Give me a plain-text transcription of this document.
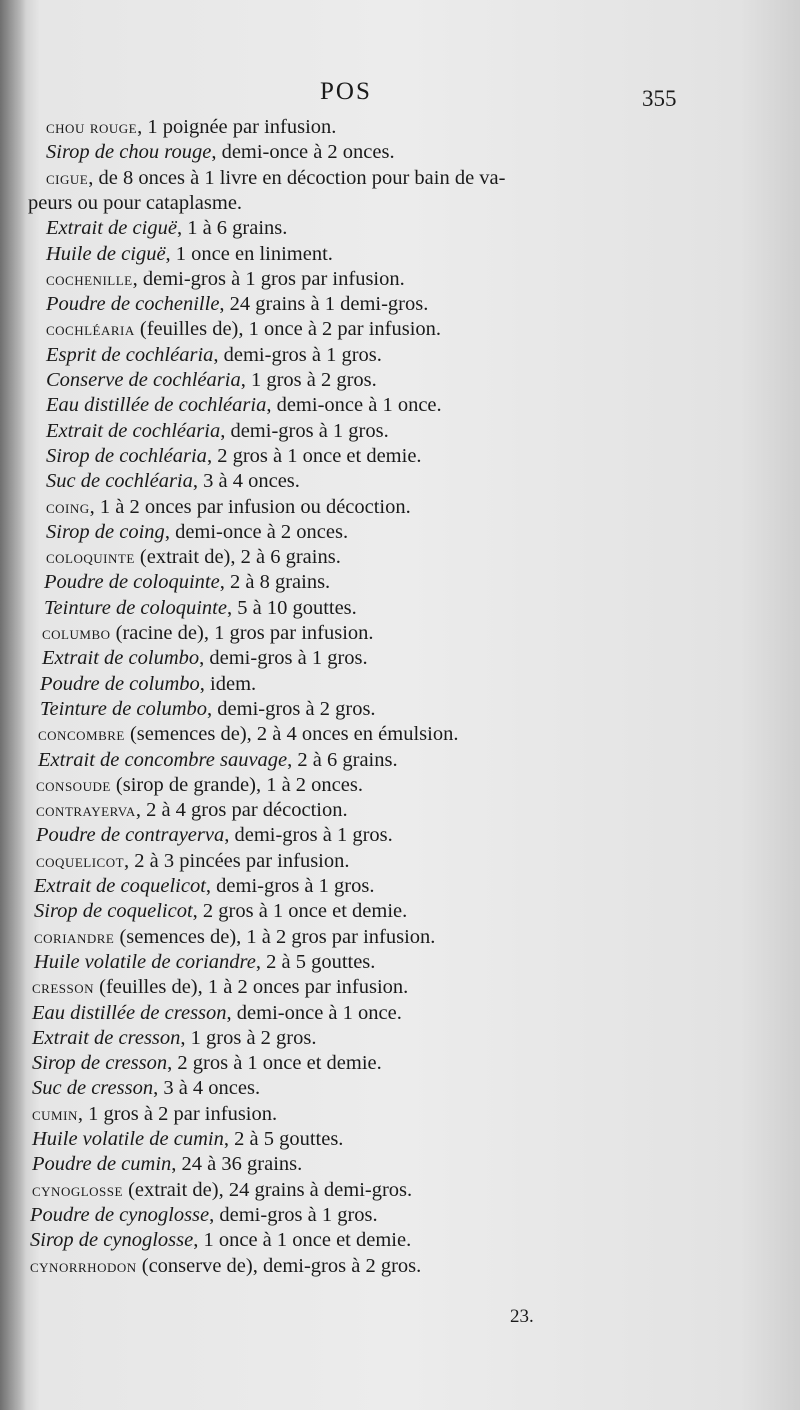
POS	355
chou rouge, 1 poignée par infusion.
Sirop de chou rouge, demi-once à 2 onces.
cigue, de 8 onces à 1 livre en décoction pour bain de va-
peurs ou pour cataplasme.
Extrait de ciguë, 1 à 6 grains.
Huile de ciguë, 1 once en liniment.
cochenille, demi-gros à 1 gros par infusion.
Poudre de cochenille, 24 grains à 1 demi-gros.
cochléaria (feuilles de), 1 once à 2 par infusion.
Esprit de cochléaria, demi-gros à 1 gros.
Conserve de cochléaria, 1 gros à 2 gros.
Eau distillée de cochléaria, demi-once à 1 once.
Extrait de cochléaria, demi-gros à 1 gros.
Sirop de cochléaria, 2 gros à 1 once et demie.
Suc de cochléaria, 3 à 4 onces.
coing, 1 à 2 onces par infusion ou décoction.
Sirop de coing, demi-once à 2 onces.
coloquinte (extrait de), 2 à 6 grains.
Poudre de coloquinte, 2 à 8 grains.
Teinture de coloquinte, 5 à 10 gouttes.
columbo (racine de), 1 gros par infusion.
Extrait de columbo, demi-gros à 1 gros.
Poudre de columbo, idem.
Teinture de columbo, demi-gros à 2 gros.
concombre (semences de), 2 à 4 onces en émulsion.
Extrait de concombre sauvage, 2 à 6 grains.
consoude (sirop de grande), 1 à 2 onces.
contrayerva, 2 à 4 gros par décoction.
Poudre de contrayerva, demi-gros à 1 gros.
coquelicot, 2 à 3 pincées par infusion.
Extrait de coquelicot, demi-gros à 1 gros.
Sirop de coquelicot, 2 gros à 1 once et demie.
coriandre (semences de), 1 à 2 gros par infusion.
Huile volatile de coriandre, 2 à 5 gouttes.
cresson (feuilles de), 1 à 2 onces par infusion.
Eau distillée de cresson, demi-once à 1 once.
Extrait de cresson, 1 gros à 2 gros.
Sirop de cresson, 2 gros à 1 once et demie.
Suc de cresson, 3 à 4 onces.
cumin, 1 gros à 2 par infusion.
Huile volatile de cumin, 2 à 5 gouttes.
Poudre de cumin, 24 à 36 grains.
cynoglosse (extrait de), 24 grains à demi-gros.
Poudre de cynoglosse, demi-gros à 1 gros.
Sirop de cynoglosse, 1 once à 1 once et demie.
cynorrhodon (conserve de), demi-gros à 2 gros.
23.
